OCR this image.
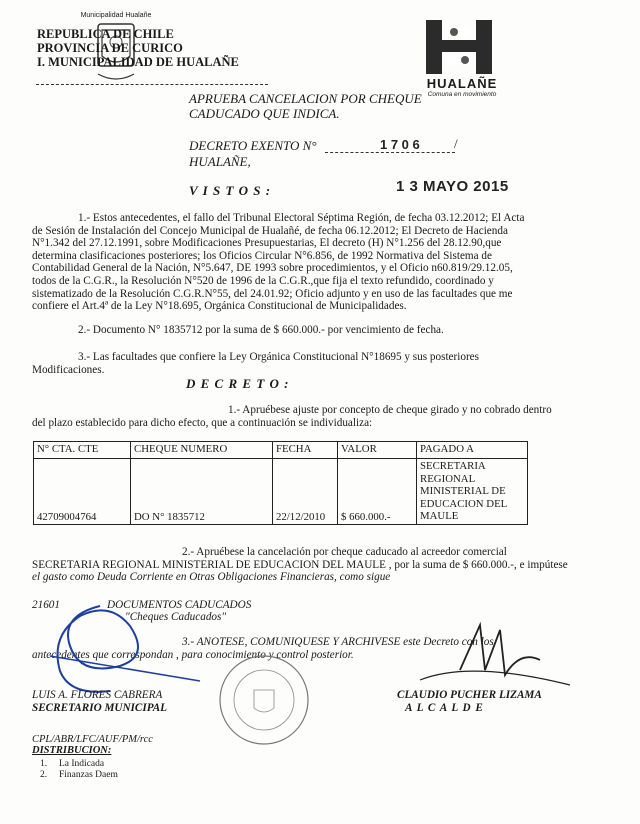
Municipalidad Hualañe
REPUBLICA DE CHILE
PROVINCIA DE CURICO
I. MUNICIPALIDAD DE HUALAÑE
HUALAÑE
Comuna en movimiento
APRUEBA CANCELACION POR CHEQUE
CADUCADO QUE INDICA.
DECRETO EXENTO N°	1 7 0 6	/
HUALAÑE,
V I S T O S :	1 3 MAYO 2015
1.- Estos antecedentes, el fallo del Tribunal Electoral Séptima Región, de fecha 03.12.2012; El Acta
de Sesión de Instalación del Concejo Municipal de Hualañé, de fecha 06.12.2012; El Decreto de Hacienda
N°1.342 del 27.12.1991, sobre Modificaciones Presupuestarias, El decreto (H) N°1.256 del 28.12.90,que
determina clasificaciones posteriores; los Oficios Circular N°6.856, de 1992 Normativa del Sistema de
Contabilidad General de la Nación, N°5.647, DE 1993 sobre procedimientos, y el Oficio n60.819/29.12.05,
todos de la C.G.R., la Resolución N°520 de 1996 de la C.G.R.,que fija el texto refundido, coordinado y
sistematizado de la Resolución C.G.R.N°55, del 24.01.92; Oficio adjunto y en uso de las facultades que me
confiere el Art.4ª de la Ley N°18.695, Orgánica Constitucional de Municipalidades.
2.- Documento N° 1835712 por la suma de $ 660.000.- por vencimiento de fecha.
3.- Las facultades que confiere la Ley Orgánica Constitucional N°18695 y sus posteriores
Modificaciones.
D E C R E T O :
1.- Apruébese ajuste por concepto de cheque girado y no cobrado dentro
del plazo establecido para dicho efecto, que a continuación se individualiza:
N° CTA. CTE	CHEQUE NUMERO	FECHA	VALOR	PAGADO A
42709004764	DO N° 1835712	22/12/2010	$ 660.000.-	SECRETARIA REGIONAL MINISTERIAL DE EDUCACION DEL MAULE
2.- Apruébese la cancelación por cheque caducado al acreedor comercial
SECRETARIA REGIONAL MINISTERIAL DE EDUCACION DEL MAULE , por la suma de $ 660.000.-, e impútese
el gasto como Deuda Corriente en Otras Obligaciones Financieras, como sigue
21601	DOCUMENTOS CADUCADOS
"Cheques Caducados"
3.- ANOTESE, COMUNIQUESE Y ARCHIVESE este Decreto con los
antecedentes que correspondan , para conocimiento y control posterior.
LUIS A. FLORES CABRERA
SECRETARIO MUNICIPAL
CLAUDIO PUCHER LIZAMA
A L C A L D E
CPL/ABR/LFC/AUF/PM/rcc
DISTRIBUCION:
1.     La Indicada
2.     Finanzas Daem
